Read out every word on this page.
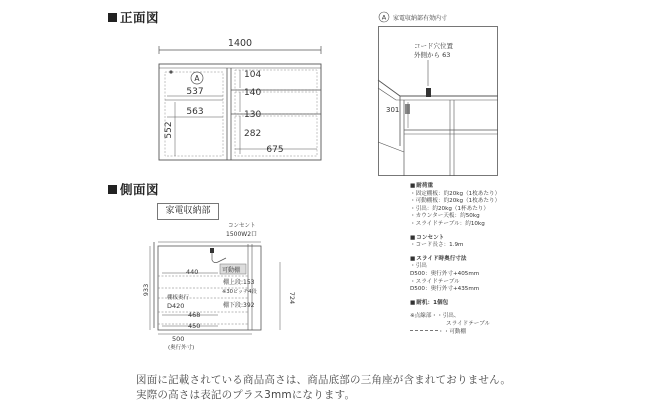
正面図
1400
A
537
563
552
104
140
130
282
675
A 家電収納部有効内寸
コード穴位置
外側から 63
301
側面図
家電収納部
コンセント
1500W2口
440
468
450
棚板奥行
D420
可動棚
棚上段:153
※30ピッチ4段
棚下段:392
933
724
500
(奥行外寸)
■ 耐荷重
・固定棚板：約20kg（1枚あたり）
・可動棚板：約20kg（1枚あたり）
・引出：約20kg（1杯あたり）
・カウンター天板：約50kg
・スライドテーブル：約10kg
■ コンセント
・コード長さ：1.9m
■ スライド時奥行寸法
・引出
D500：奥行外寸+405mm
・スライドテーブル
D500：奥行外寸+435mm
■ 耐机：1個包
※点線部・・引出、
スライドテーブル
・・可動棚
図面に記載されている商品高さは、商品底部の三角座が含まれておりません。
実際の高さは表記のプラス3mmになります。
